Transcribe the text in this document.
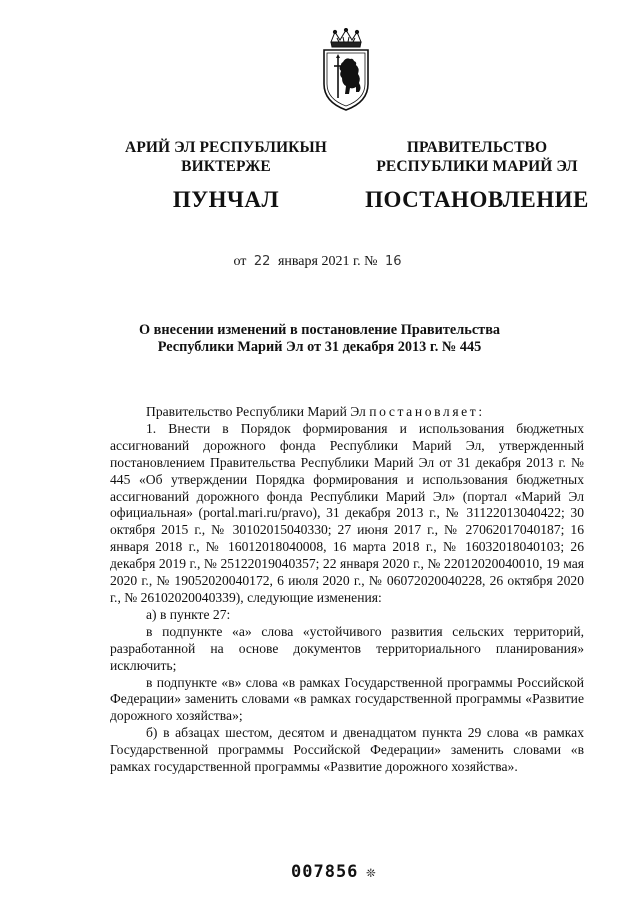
АРИЙ ЭЛ РЕСПУБЛИКЫН
ВИКТЕРЖЕ
ПУНЧАЛ
ПРАВИТЕЛЬСТВО
РЕСПУБЛИКИ МАРИЙ ЭЛ
ПОСТАНОВЛЕНИЕ
от 22 января 2021 г. № 16
О внесении изменений в постановление Правительства
Республики Марий Эл от 31 декабря 2013 г. № 445

Правительство Республики Марий Эл постановляет:

1. Внести в Порядок формирования и использования бюджетных ассигнований дорожного фонда Республики Марий Эл, утвержденный постановлением Правительства Республики Марий Эл от 31 декабря 2013 г. № 445 «Об утверждении Порядка формирования и использования бюджетных ассигнований дорожного фонда Республики Марий Эл» (портал «Марий Эл официальная» (portal.mari.ru/pravo), 31 декабря 2013 г., № 31122013040422; 30 октября 2015 г., № 30102015040330; 27 июня 2017 г., № 27062017040187; 16 января 2018 г., № 16012018040008, 16 марта 2018 г., № 16032018040103; 26 декабря 2019 г., № 25122019040357; 22 января 2020 г., № 22012020040010, 19 мая 2020 г., № 19052020040172, 6 июля 2020 г., № 06072020040228, 26 октября 2020 г., № 26102020040339), следующие изменения:

а) в пункте 27:

в подпункте «а» слова «устойчивого развития сельских территорий, разработанной на основе документов территориального планирования» исключить;

в подпункте «в» слова «в рамках Государственной программы Российской Федерации» заменить словами «в рамках государственной программы «Развитие дорожного хозяйства»;

б) в абзацах шестом, десятом и двенадцатом пункта 29 слова «в рамках Государственной программы Российской Федерации» заменить словами «в рамках государственной программы «Развитие дорожного хозяйства».

007856 ❊
